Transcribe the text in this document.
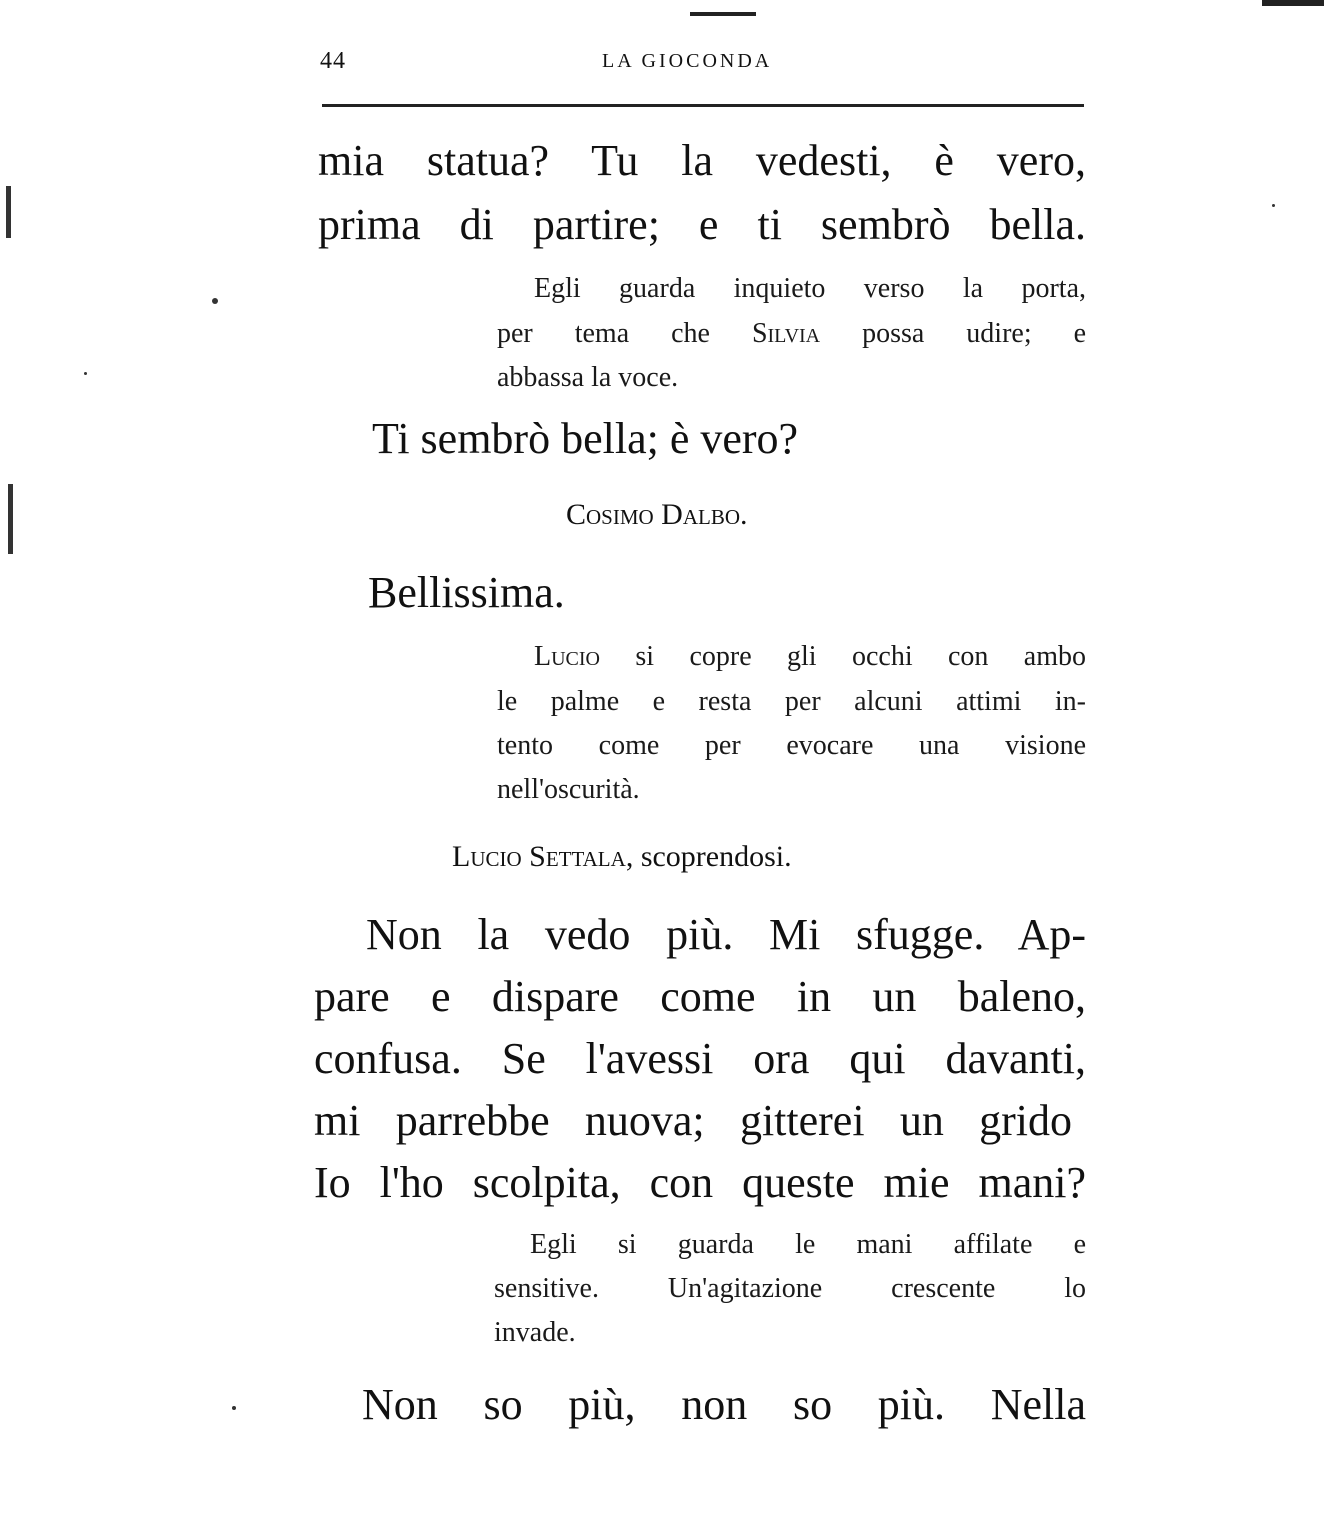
44	LA GIOCONDA
mia statua? Tu la vedesti, è vero,
prima di partire; e ti sembrò bella.
Egli guarda inquieto verso la porta,
per tema che Silvia possa udire; e
abbassa la voce.
Ti sembrò bella; è vero?
Cosimo Dalbo.
Bellissima.
Lucio si copre gli occhi con ambo
le palme e resta per alcuni attimi in-
tento come per evocare una visione
nell'oscurità.
Lucio Settala, scoprendosi.
Non la vedo più. Mi sfugge. Ap-
pare e dispare come in un baleno,
confusa. Se l'avessi ora qui davanti,
mi parrebbe nuova; gitterei un grido
Io l'ho scolpita, con queste mie mani?
Egli si guarda le mani affilate e
sensitive. Un'agitazione crescente lo
invade.
Non so più, non so più. Nella
